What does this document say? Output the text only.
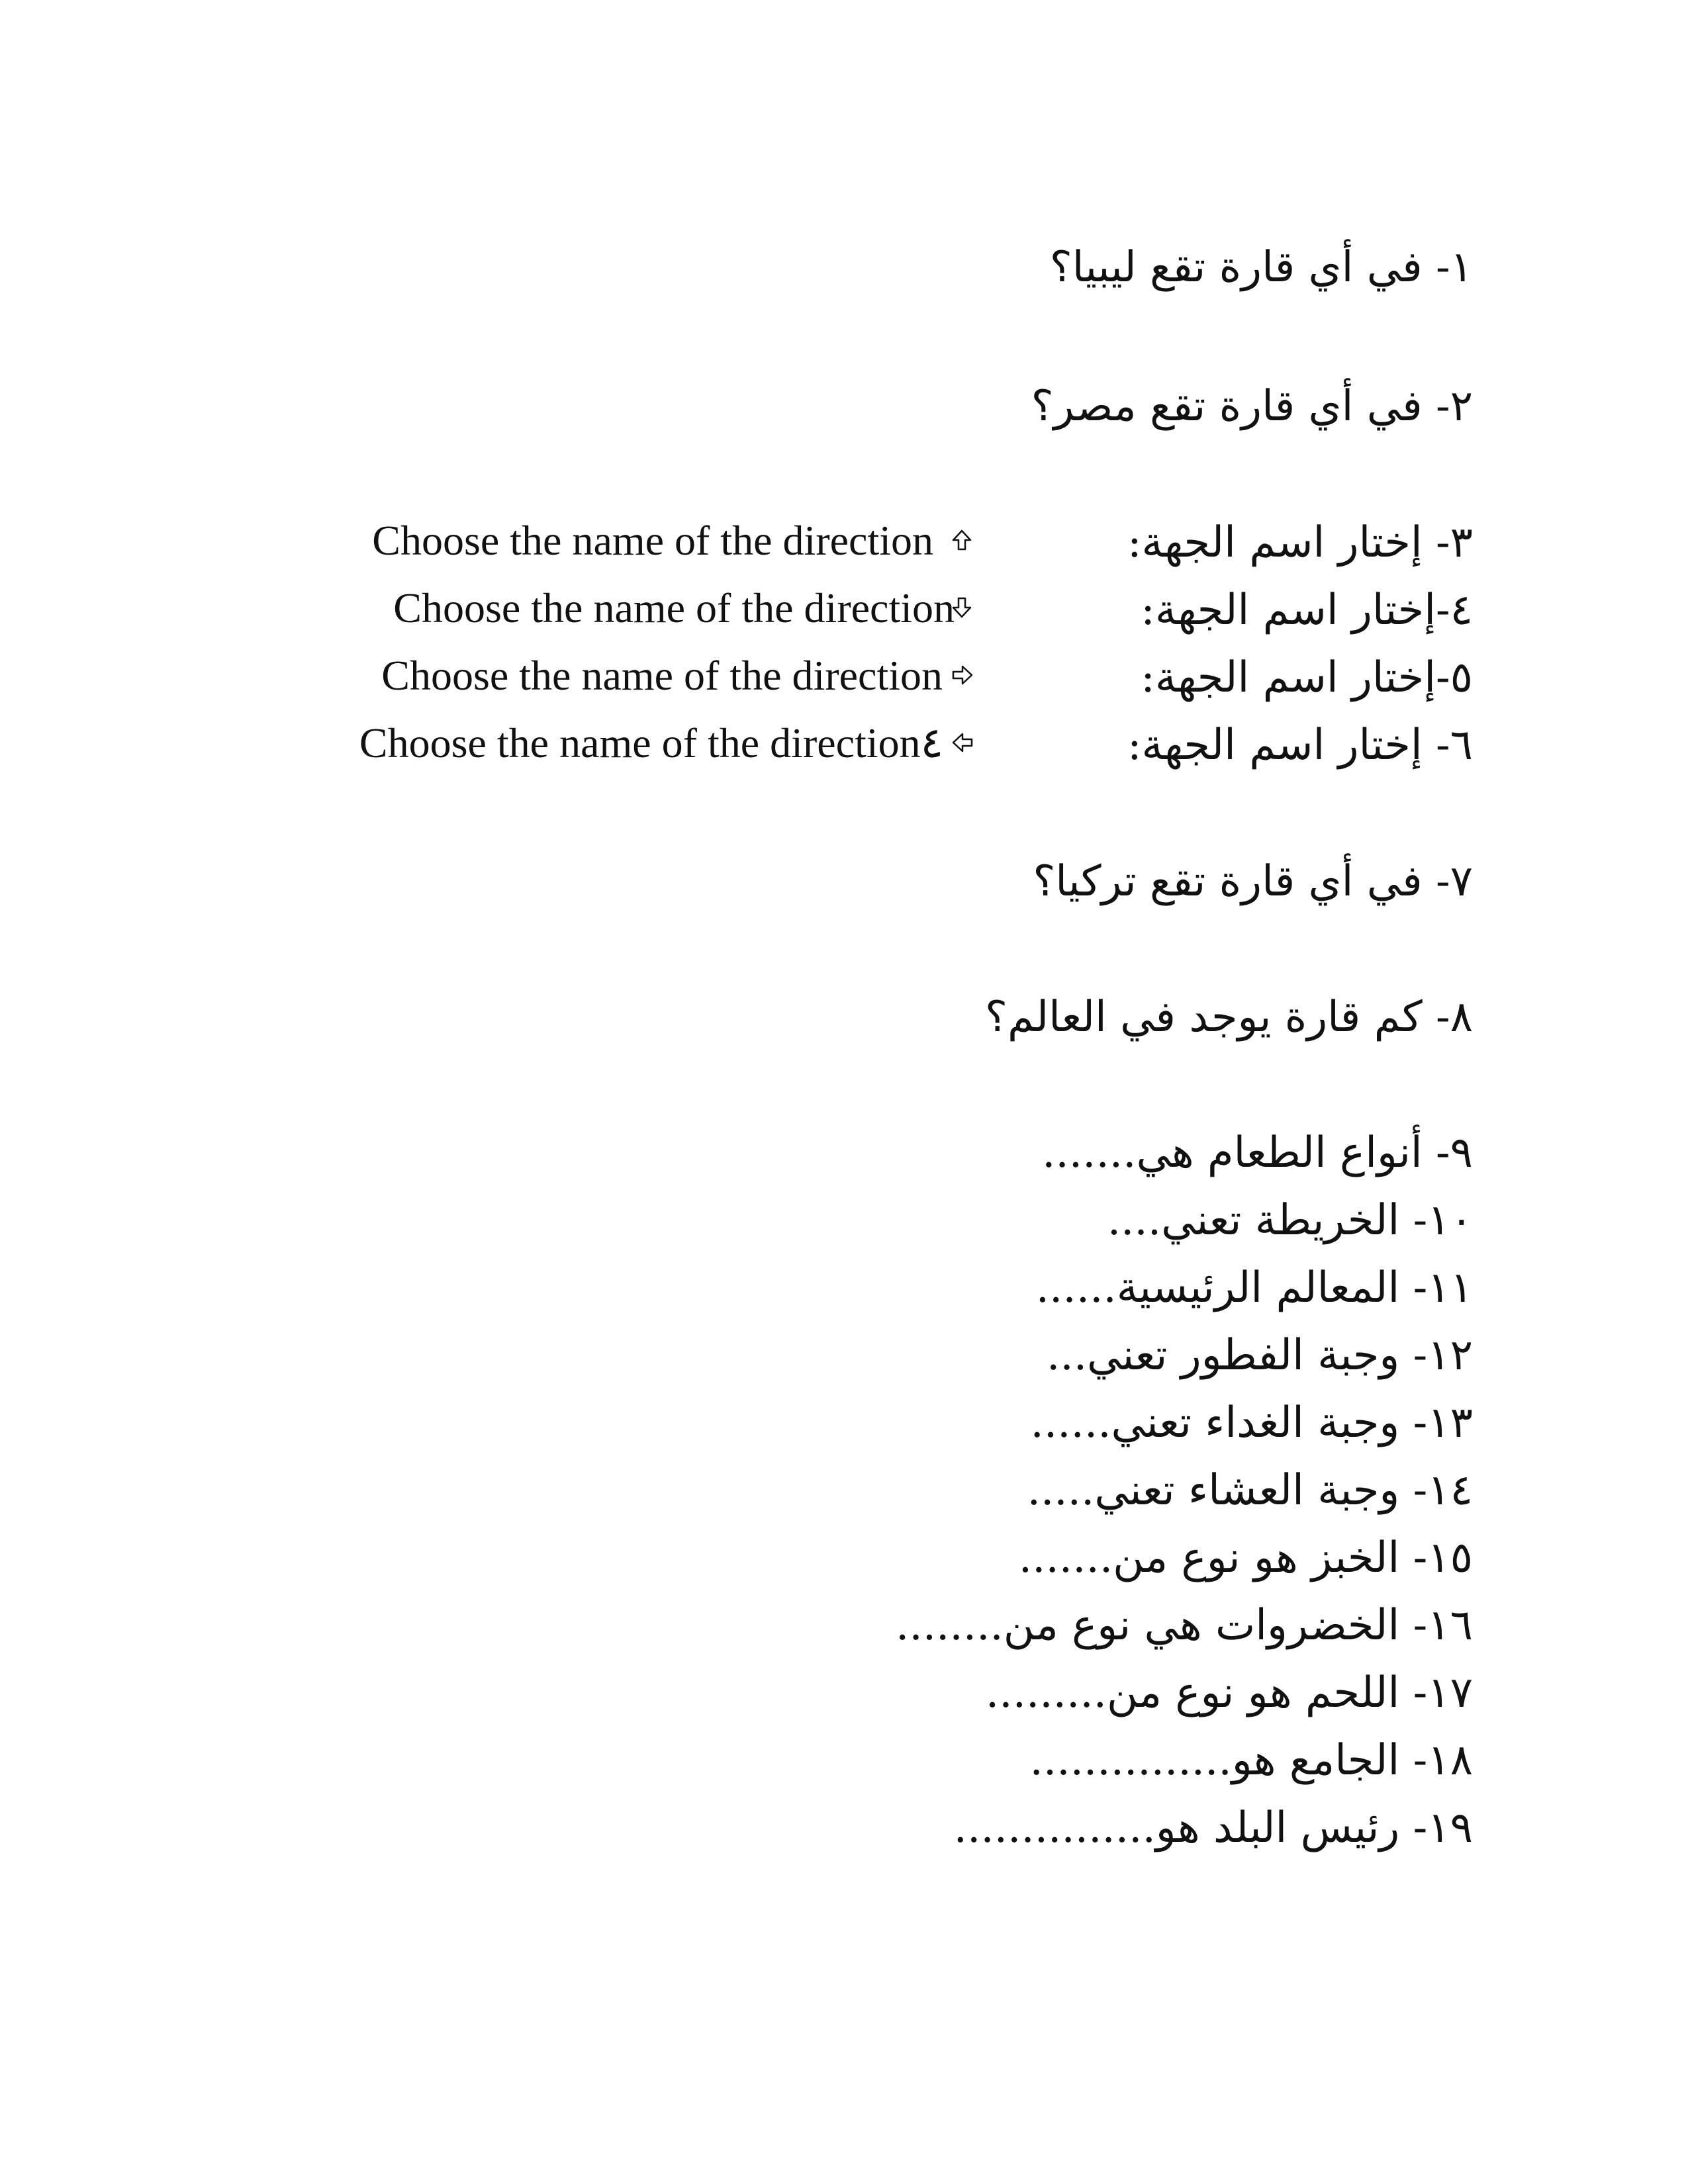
١- في أي قارة تقع ليبيا؟
٢- في أي قارة تقع مصر؟
٣- إختار اسم الجهة:
٤-إختار اسم الجهة:
٥-إختار اسم الجهة:
٦- إختار اسم الجهة:
٧- في أي قارة تقع تركيا؟
٨- كم قارة يوجد في العالم؟
٩- أنواع الطعام هي.......
١٠- الخريطة تعني....
١١- المعالم الرئيسية......
١٢- وجبة الفطور تعني...
١٣- وجبة الغداء تعني......
١٤- وجبة العشاء تعني.....
١٥- الخبز هو نوع من.......
١٦- الخضروات هي نوع من........
١٧- اللحم هو نوع من.........
١٨- الجامع هو...............
١٩- رئيس البلد هو...............
Choose the name of the direction
Choose the name of the direction
Choose the name of the direction
Choose the name of the direction٤
